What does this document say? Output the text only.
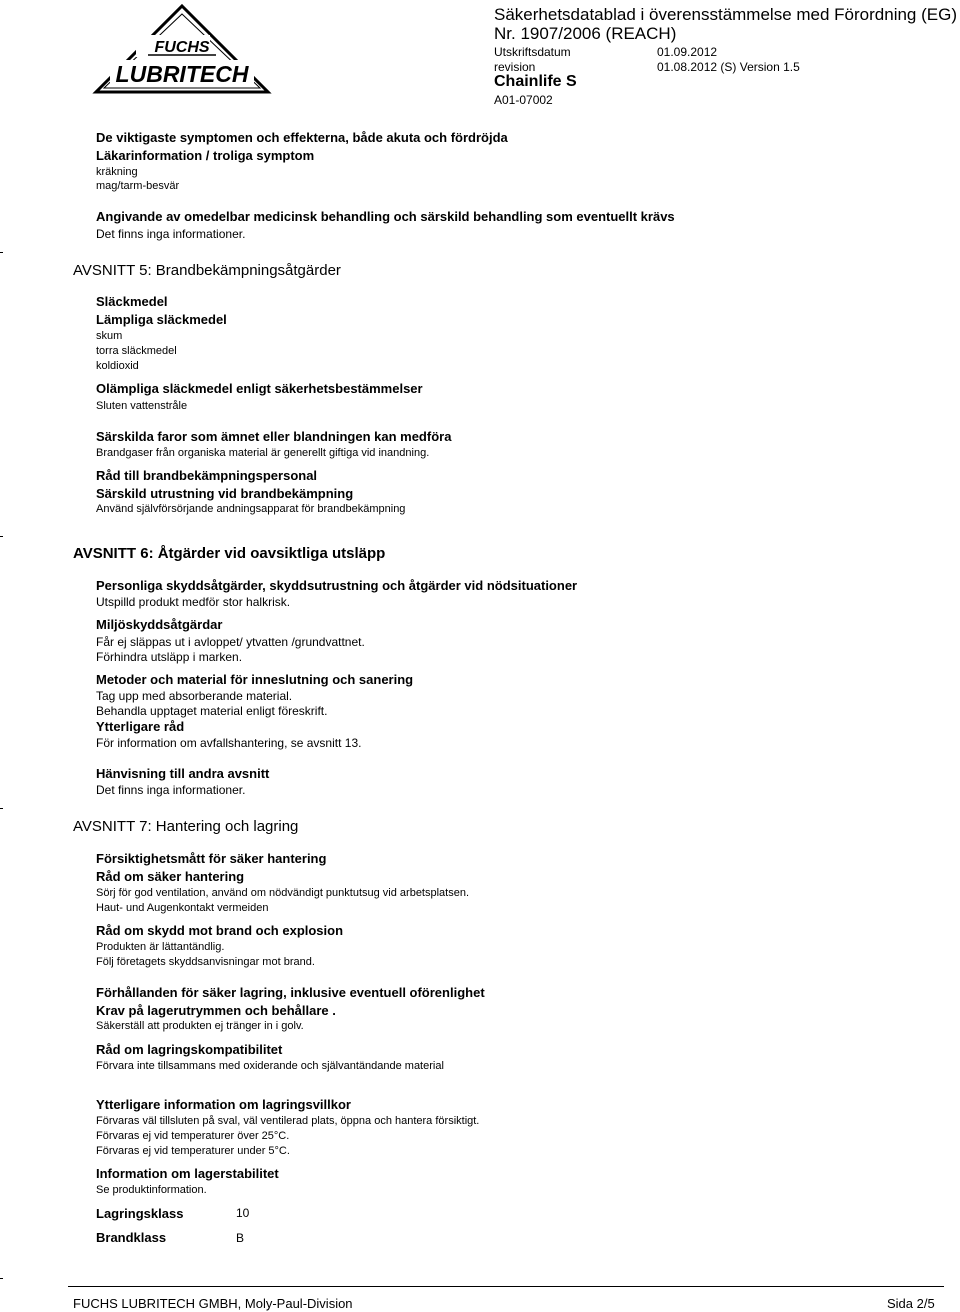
FUCHS
LUBRITECH
Säkerhetsdatablad i överensstämmelse med Förordning (EG)
Nr. 1907/2006 (REACH)
Utskriftsdatum	01.09.2012
revision	01.08.2012 (S) Version 1.5
Chainlife S
A01-07002
De viktigaste symptomen och effekterna, både akuta och fördröjda
Läkarinformation / troliga symptom
kräkning
mag/tarm-besvär
Angivande av omedelbar medicinsk behandling och särskild behandling som eventuellt krävs
Det finns inga informationer.
AVSNITT 5: Brandbekämpningsåtgärder
Släckmedel
Lämpliga släckmedel
skum
torra släckmedel
koldioxid
Olämpliga släckmedel enligt säkerhetsbestämmelser
Sluten vattenstråle
Särskilda faror som ämnet eller blandningen kan medföra
Brandgaser från organiska material är generellt giftiga vid inandning.
Råd till brandbekämpningspersonal
Särskild utrustning vid brandbekämpning
Använd självförsörjande andningsapparat för brandbekämpning
AVSNITT 6: Åtgärder vid oavsiktliga utsläpp
Personliga skyddsåtgärder, skyddsutrustning och åtgärder vid nödsituationer
Utspilld produkt medför stor halkrisk.
Miljöskyddsåtgärdar
Får ej släppas ut i avloppet/ ytvatten /grundvattnet.
Förhindra utsläpp i marken.
Metoder och material för inneslutning och sanering
Tag upp med absorberande material.
Behandla upptaget material enligt föreskrift.
Ytterligare råd
För information om avfallshantering, se avsnitt 13.
Hänvisning till andra avsnitt
Det finns inga informationer.
AVSNITT 7: Hantering och lagring
Försiktighetsmått för säker hantering
Råd om säker hantering
Sörj för god ventilation, använd om nödvändigt punktutsug vid arbetsplatsen.
Haut- und Augenkontakt vermeiden
Råd om skydd mot brand och explosion
Produkten är lättantändlig.
Följ företagets skyddsanvisningar mot brand.
Förhållanden för säker lagring, inklusive eventuell oförenlighet
Krav på lagerutrymmen och behållare .
Säkerställ att produkten ej tränger in i golv.
Råd om lagringskompatibilitet
Förvara inte tillsammans med oxiderande och självantändande material
Ytterligare information om lagringsvillkor
Förvaras väl tillsluten på sval, väl ventilerad plats, öppna och hantera försiktigt.
Förvaras ej vid temperaturer över 25°C.
Förvaras ej vid temperaturer under 5°C.
Information om lagerstabilitet
Se produktinformation.
Lagringsklass	10
Brandklass	B
FUCHS LUBRITECH GMBH, Moly-Paul-Division	Sida 2/5
